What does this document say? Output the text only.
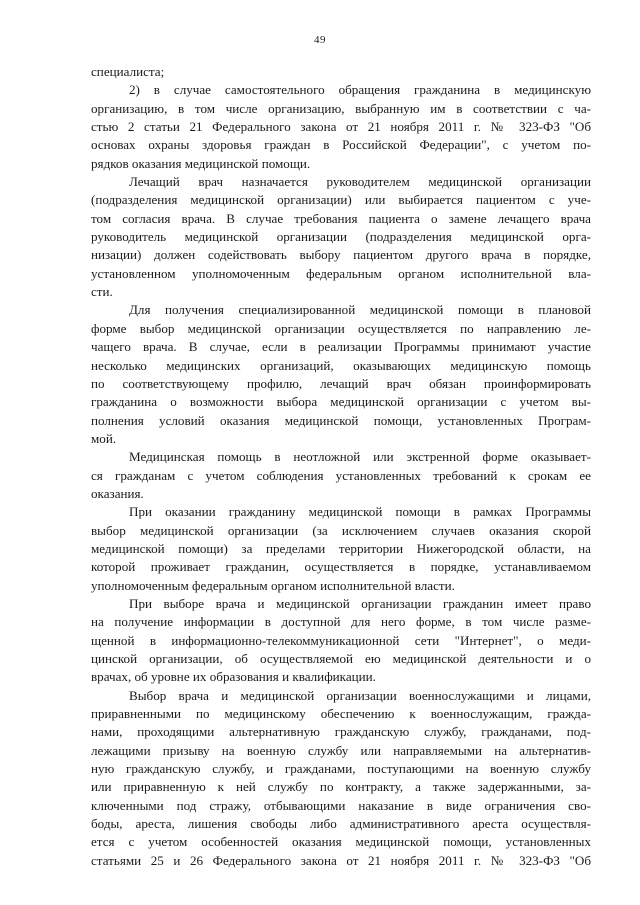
49
специалиста;
2) в случае самостоятельного обращения гражданина в медицинскую
организацию, в том числе организацию, выбранную им в соответствии с ча-
стью 2 статьи 21 Федерального закона от 21 ноября 2011 г. № 323-ФЗ "Об
основах охраны здоровья граждан в Российской Федерации", с учетом по-
рядков оказания медицинской помощи.
Лечащий врач назначается руководителем медицинской организации
(подразделения медицинской организации) или выбирается пациентом с уче-
том согласия врача. В случае требования пациента о замене лечащего врача
руководитель медицинской организации (подразделения медицинской орга-
низации) должен содействовать выбору пациентом другого врача в порядке,
установленном уполномоченным федеральным органом исполнительной вла-
сти.
Для получения специализированной медицинской помощи в плановой
форме выбор медицинской организации осуществляется по направлению ле-
чащего врача. В случае, если в реализации Программы принимают участие
несколько медицинских организаций, оказывающих медицинскую помощь
по соответствующему профилю, лечащий врач обязан проинформировать
гражданина о возможности выбора медицинской организации с учетом вы-
полнения условий оказания медицинской помощи, установленных Програм-
мой.
Медицинская помощь в неотложной или экстренной форме оказывает-
ся гражданам с учетом соблюдения установленных требований к срокам ее
оказания.
При оказании гражданину медицинской помощи в рамках Программы
выбор медицинской организации (за исключением случаев оказания скорой
медицинской помощи) за пределами территории Нижегородской области, на
которой проживает гражданин, осуществляется в порядке, устанавливаемом
уполномоченным федеральным органом исполнительной власти.
При выборе врача и медицинской организации гражданин имеет право
на получение информации в доступной для него форме, в том числе разме-
щенной в информационно-телекоммуникационной сети "Интернет", о меди-
цинской организации, об осуществляемой ею медицинской деятельности и о
врачах, об уровне их образования и квалификации.
Выбор врача и медицинской организации военнослужащими и лицами,
приравненными по медицинскому обеспечению к военнослужащим, гражда-
нами, проходящими альтернативную гражданскую службу, гражданами, под-
лежащими призыву на военную службу или направляемыми на альтернатив-
ную гражданскую службу, и гражданами, поступающими на военную службу
или приравненную к ней службу по контракту, а также задержанными, за-
ключенными под стражу, отбывающими наказание в виде ограничения сво-
боды, ареста, лишения свободы либо административного ареста осуществля-
ется с учетом особенностей оказания медицинской помощи, установленных
статьями 25 и 26 Федерального закона от 21 ноября 2011 г. № 323-ФЗ "Об
